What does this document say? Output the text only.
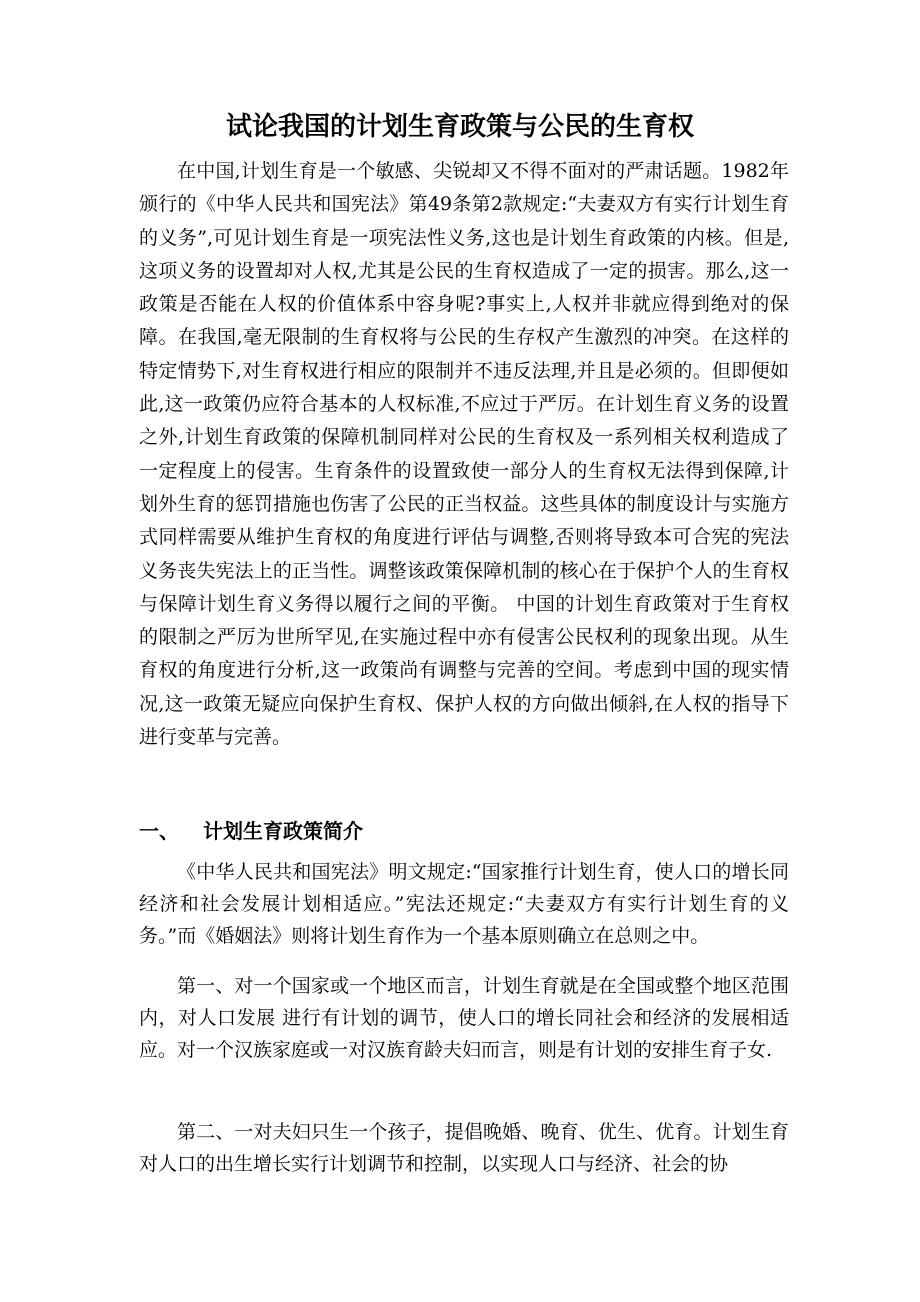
试论我国的计划生育政策与公民的生育权

在中国,计划生育是一个敏感、尖锐却又不得不面对的严肃话题。1982年颁行的《中华人民共和国宪法》第49条第2款规定:“夫妻双方有实行计划生育的义务”,可见计划生育是一项宪法性义务,这也是计划生育政策的内核。但是,这项义务的设置却对人权,尤其是公民的生育权造成了一定的损害。那么,这一政策是否能在人权的价值体系中容身呢?事实上,人权并非就应得到绝对的保障。在我国,毫无限制的生育权将与公民的生存权产生激烈的冲突。在这样的特定情势下,对生育权进行相应的限制并不违反法理,并且是必须的。但即便如此,这一政策仍应符合基本的人权标准,不应过于严厉。在计划生育义务的设置之外,计划生育政策的保障机制同样对公民的生育权及一系列相关权利造成了一定程度上的侵害。生育条件的设置致使一部分人的生育权无法得到保障,计划外生育的惩罚措施也伤害了公民的正当权益。这些具体的制度设计与实施方式同样需要从维护生育权的角度进行评估与调整,否则将导致本可合宪的宪法义务丧失宪法上的正当性。调整该政策保障机制的核心在于保护个人的生育权与保障计划生育义务得以履行之间的平衡。 中国的计划生育政策对于生育权的限制之严厉为世所罕见,在实施过程中亦有侵害公民权利的现象出现。从生育权的角度进行分析,这一政策尚有调整与完善的空间。考虑到中国的现实情况,这一政策无疑应向保护生育权、保护人权的方向做出倾斜,在人权的指导下进行变革与完善。

一、 计划生育政策简介

《中华人民共和国宪法》明文规定:“国家推行计划生育，使人口的增长同经济和社会发展计划相适应。”宪法还规定:“夫妻双方有实行计划生育的义务。”而《婚姻法》则将计划生育作为一个基本原则确立在总则之中。

第一、对一个国家或一个地区而言，计划生育就是在全国或整个地区范围内，对人口发展 进行有计划的调节，使人口的增长同社会和经济的发展相适应。对一个汉族家庭或一对汉族育龄夫妇而言，则是有计划的安排生育子女.

第二、一对夫妇只生一个孩子，提倡晚婚、晚育、优生、优育。计划生育对人口的出生增长实行计划调节和控制，以实现人口与经济、社会的协
